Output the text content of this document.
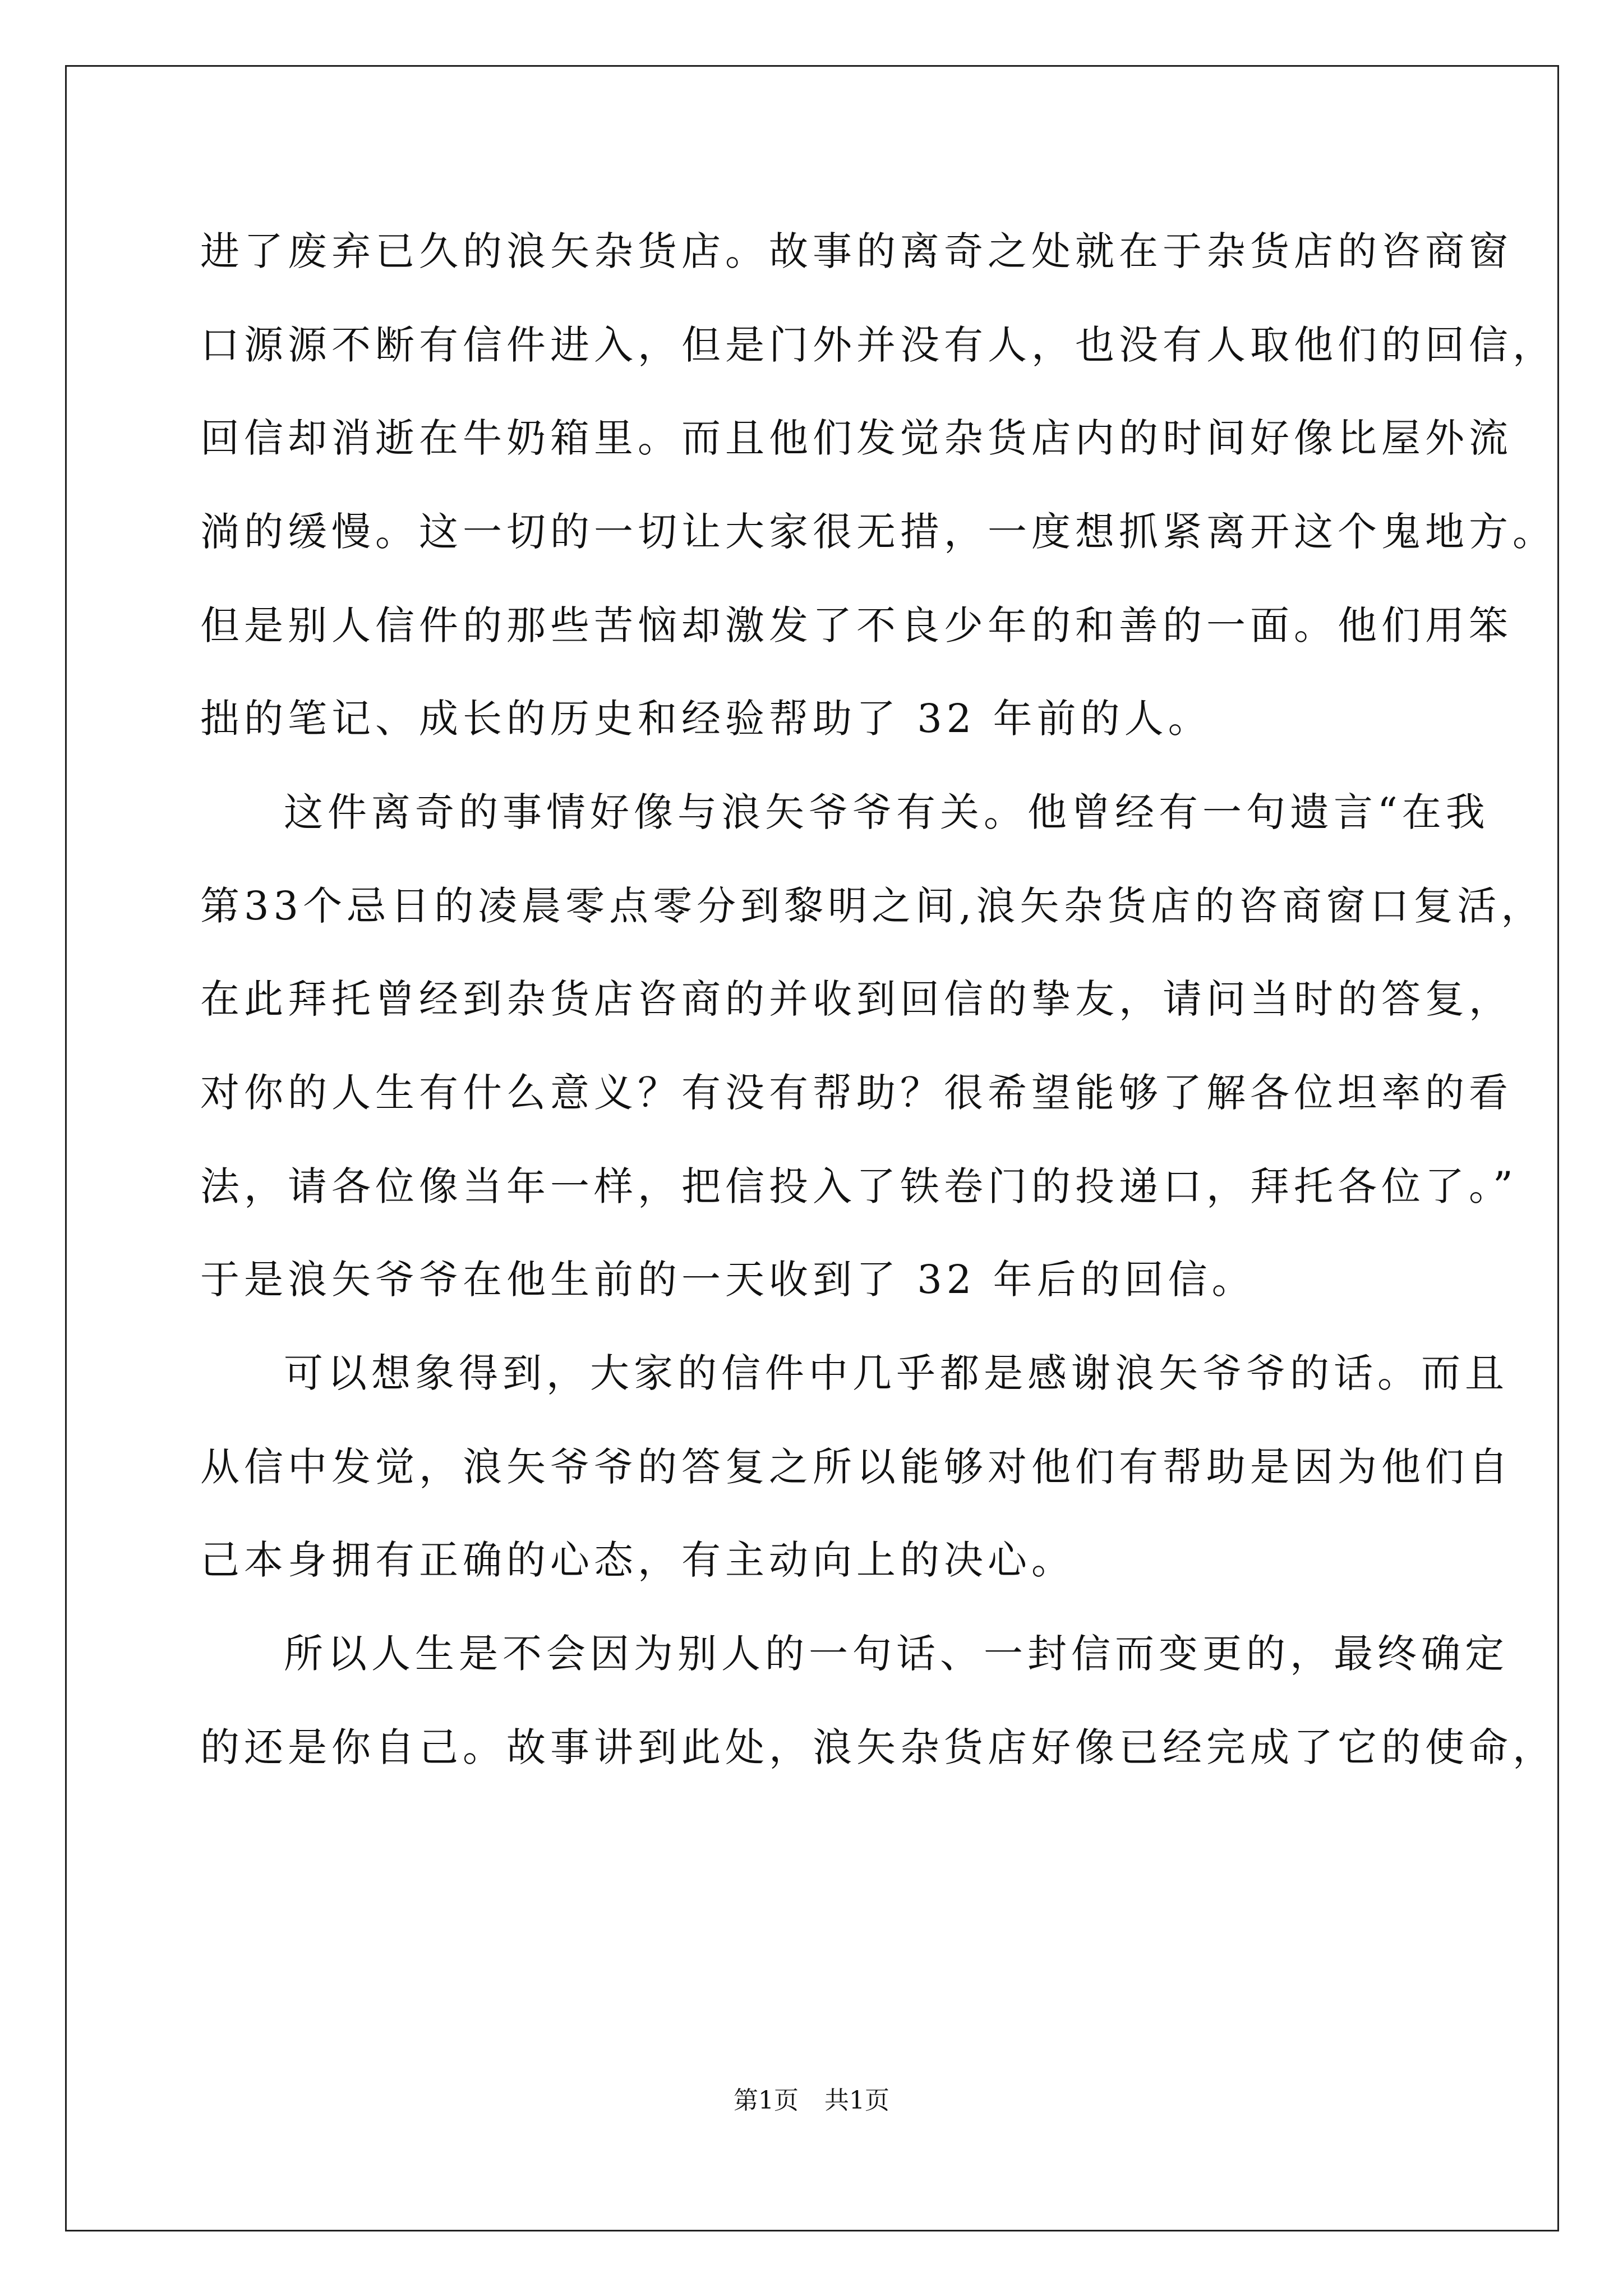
进了废弃已久的浪矢杂货店。故事的离奇之处就在于杂货店的咨商窗
口源源不断有信件进入，但是门外并没有人，也没有人取他们的回信，
回信却消逝在牛奶箱里。而且他们发觉杂货店内的时间好像比屋外流
淌的缓慢。这一切的一切让大家很无措，一度想抓紧离开这个鬼地方。
但是别人信件的那些苦恼却激发了不良少年的和善的一面。他们用笨
拙的笔记、成长的历史和经验帮助了 32 年前的人。
这件离奇的事情好像与浪矢爷爷有关。他曾经有一句遗言“在我
第33个忌日的凌晨零点零分到黎明之间,浪矢杂货店的咨商窗口复活，
在此拜托曾经到杂货店咨商的并收到回信的挚友，请问当时的答复，
对你的人生有什么意义？有没有帮助？很希望能够了解各位坦率的看
法，请各位像当年一样，把信投入了铁卷门的投递口，拜托各位了。”
于是浪矢爷爷在他生前的一天收到了 32 年后的回信。
可以想象得到，大家的信件中几乎都是感谢浪矢爷爷的话。而且
从信中发觉，浪矢爷爷的答复之所以能够对他们有帮助是因为他们自
己本身拥有正确的心态，有主动向上的决心。
所以人生是不会因为别人的一句话、一封信而变更的，最终确定
的还是你自己。故事讲到此处，浪矢杂货店好像已经完成了它的使命，
第1页 共1页
